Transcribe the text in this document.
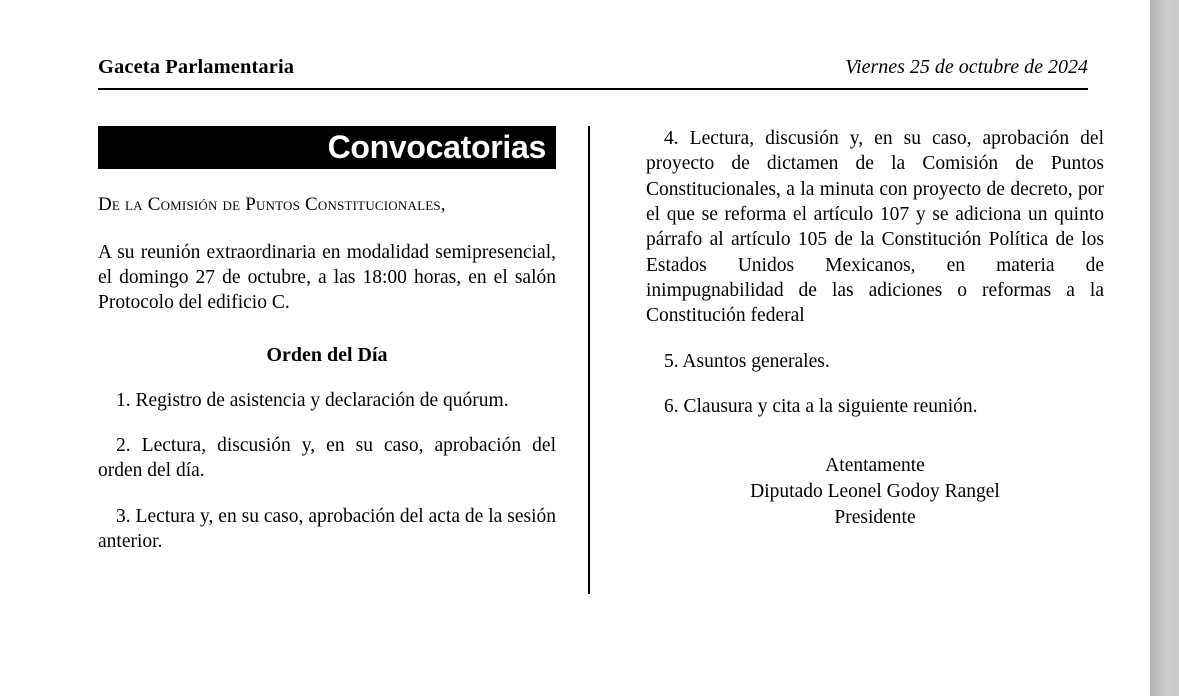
Gaceta Parlamentaria	Viernes 25 de octubre de 2024
Convocatorias
De la Comisión de Puntos Constitucionales,

A su reunión extraordinaria en modalidad semipresencial, el domingo 27 de octubre, a las 18:00 horas, en el salón Protocolo del edificio C.

Orden del Día

1. Registro de asistencia y declaración de quórum.

2. Lectura, discusión y, en su caso, aprobación del orden del día.

3. Lectura y, en su caso, aprobación del acta de la sesión anterior.

4. Lectura, discusión y, en su caso, aprobación del proyecto de dictamen de la Comisión de Puntos Constitucionales, a la minuta con proyecto de decreto, por el que se reforma el artículo 107 y se adiciona un quinto párrafo al artículo 105 de la Constitución Política de los Estados Unidos Mexicanos, en materia de inimpugnabilidad de las adiciones o reformas a la Constitución federal

5. Asuntos generales.

6. Clausura y cita a la siguiente reunión.

Atentamente
Diputado Leonel Godoy Rangel
Presidente
